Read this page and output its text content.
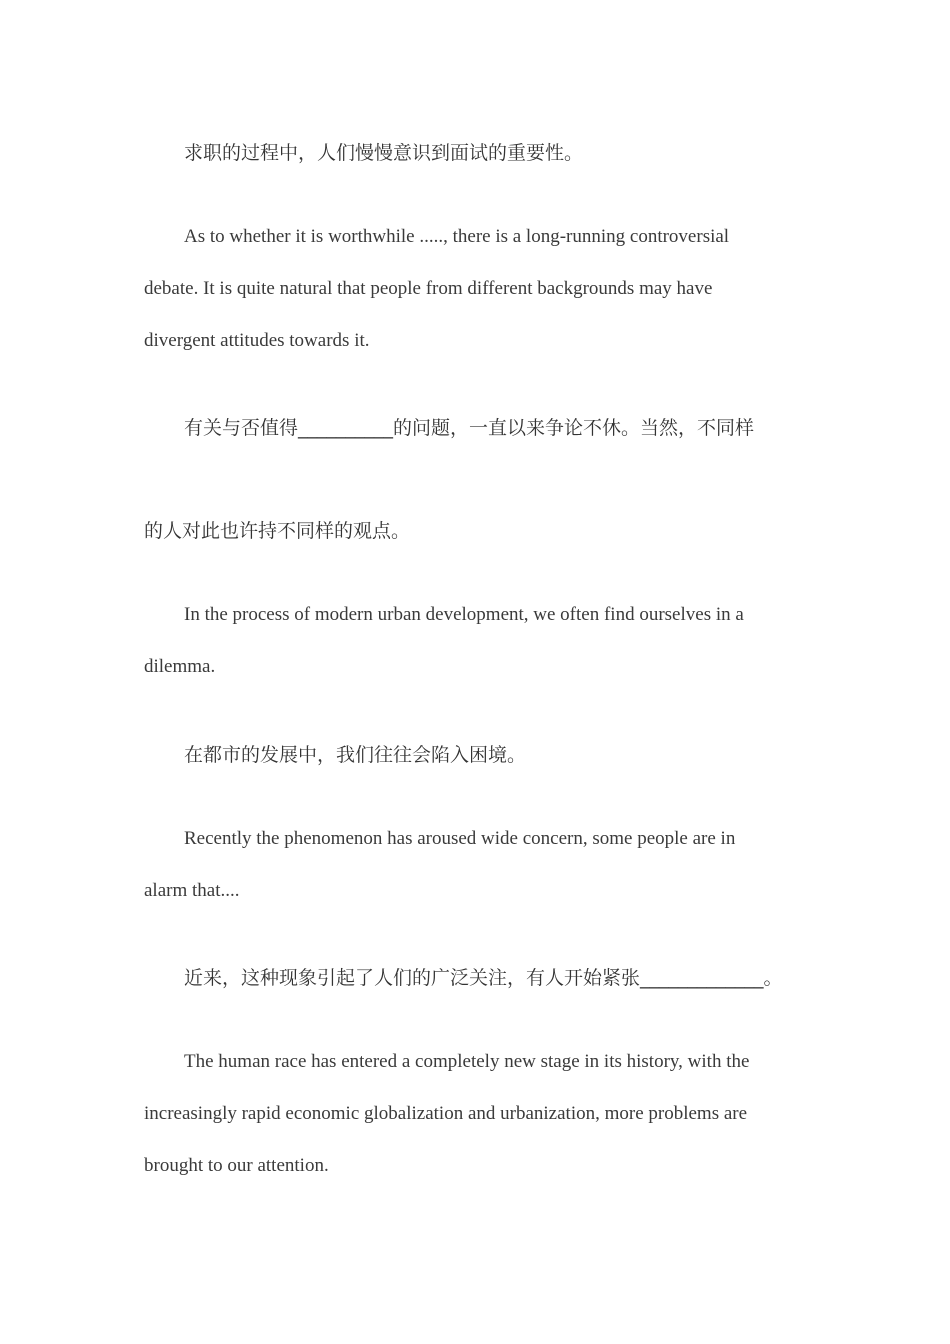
求职的过程中，人们慢慢意识到面试的重要性。
As to whether it is worthwhile ....., there is a long-running controversial
debate. It is quite natural that people from different backgrounds may have
divergent attitudes towards it.
有关与否值得__________的问题，一直以来争论不休。当然，不同样
的人对此也许持不同样的观点。
In the process of modern urban development, we often find ourselves in a
dilemma.
在都市的发展中，我们往往会陷入困境。
Recently the phenomenon has aroused wide concern, some people are in
alarm that....
近来，这种现象引起了人们的广泛关注，有人开始紧张_____________。
The human race has entered a completely new stage in its history, with the
increasingly rapid economic globalization and urbanization, more problems are
brought to our attention.
